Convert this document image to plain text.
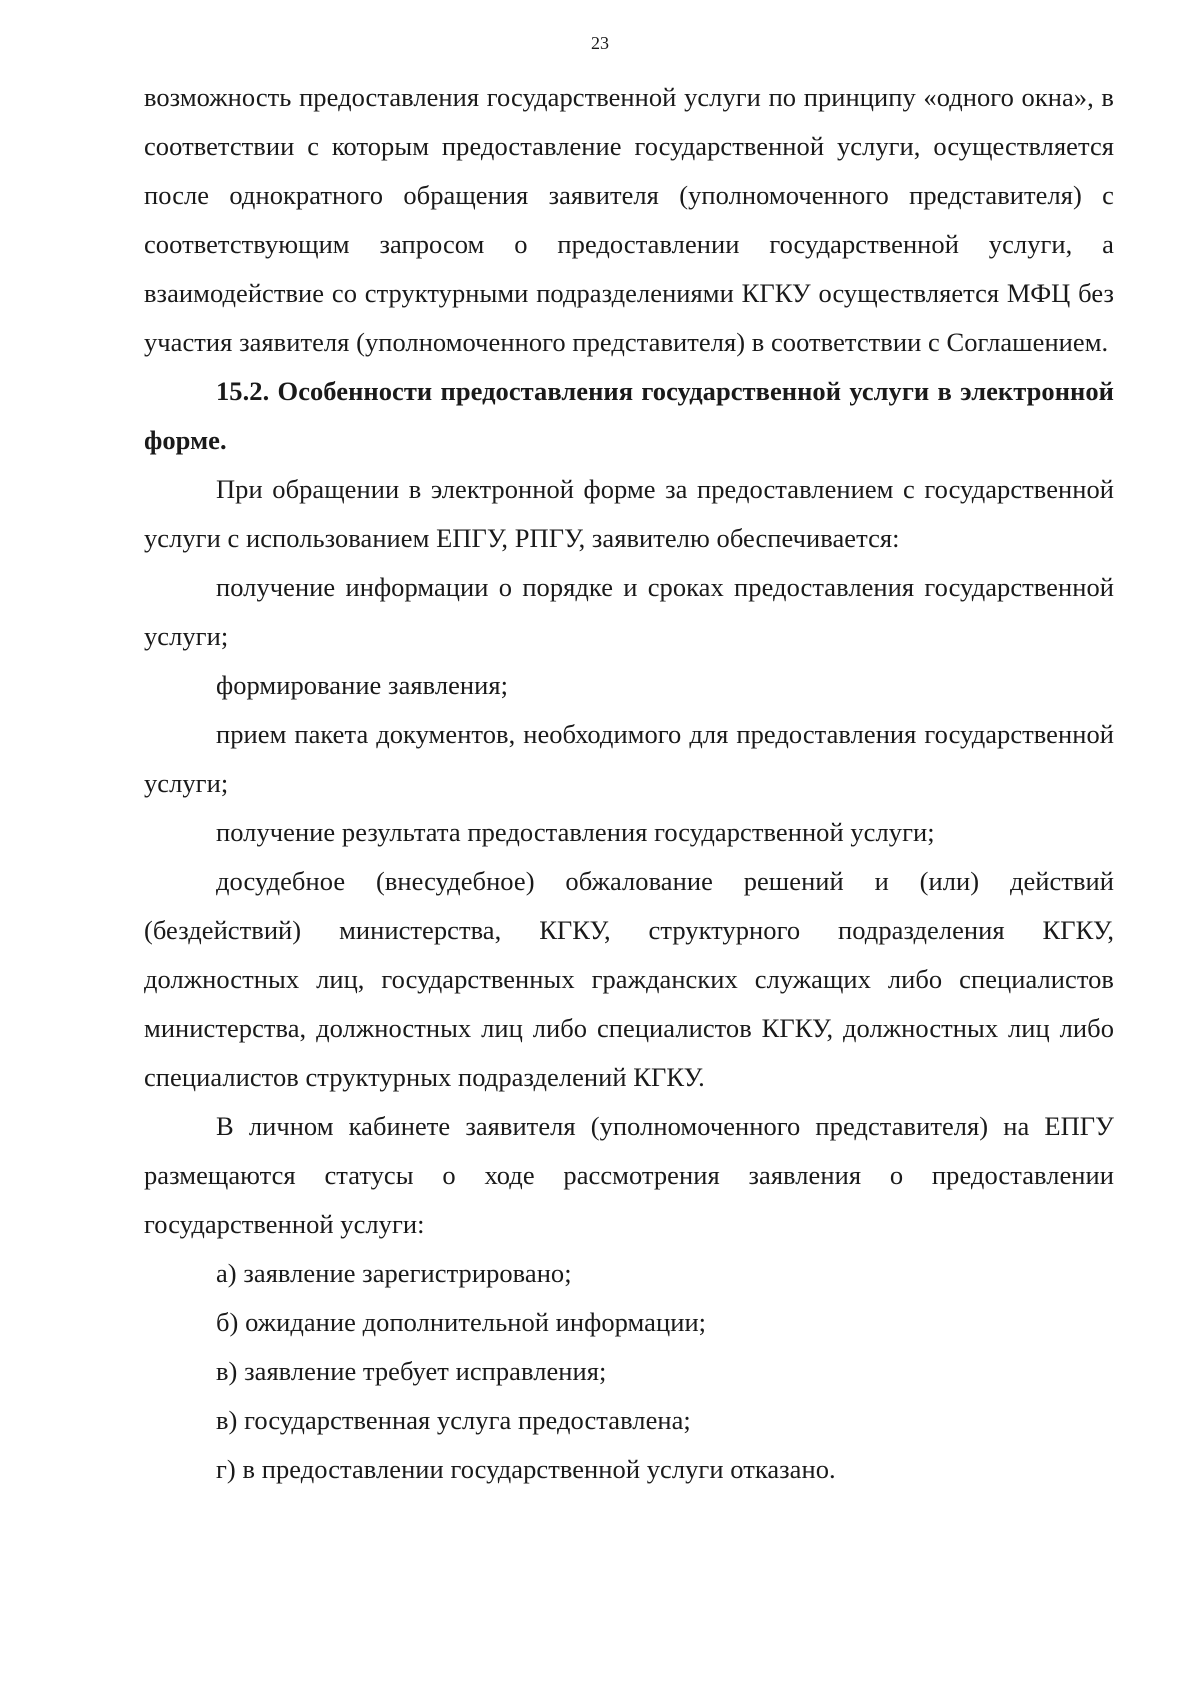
23

возможность предоставления государственной услуги по принципу «одного окна», в соответствии с которым предоставление государственной услуги, осуществляется после однократного обращения заявителя (уполномоченного представителя) с соответствующим запросом о предоставлении государственной услуги, а взаимодействие со структурными подразделениями КГКУ осуществляется МФЦ без участия заявителя (уполномоченного представителя) в соответствии с Соглашением.

15.2. Особенности предоставления государственной услуги в электронной форме.

При обращении в электронной форме за предоставлением с государственной услуги с использованием ЕПГУ, РПГУ, заявителю обеспечивается:

получение информации о порядке и сроках предоставления государственной услуги;

формирование заявления;

прием пакета документов, необходимого для предоставления государственной услуги;

получение результата предоставления государственной услуги;

досудебное (внесудебное) обжалование решений и (или) действий (бездействий) министерства, КГКУ, структурного подразделения КГКУ, должностных лиц, государственных гражданских служащих либо специалистов министерства, должностных лиц либо специалистов КГКУ, должностных лиц либо специалистов структурных подразделений КГКУ.

В личном кабинете заявителя (уполномоченного представителя) на ЕПГУ размещаются статусы о ходе рассмотрения заявления о предоставлении государственной услуги:

а) заявление зарегистрировано;

б) ожидание дополнительной информации;

в) заявление требует исправления;

в) государственная услуга предоставлена;

г) в предоставлении государственной услуги отказано.
